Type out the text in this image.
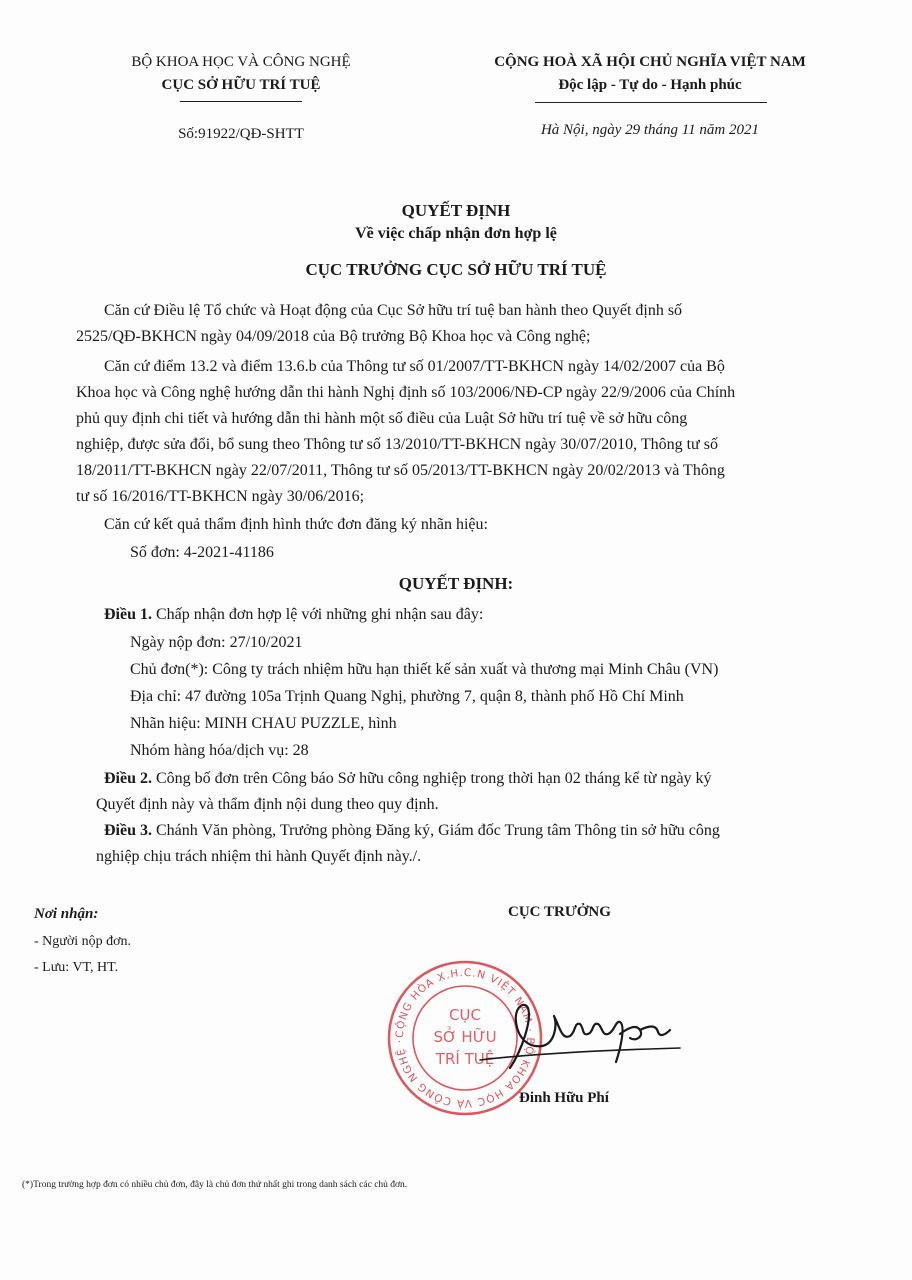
BỘ KHOA HỌC VÀ CÔNG NGHỆ
CỤC SỞ HỮU TRÍ TUỆ
Số:91922/QĐ-SHTT
CỘNG HOÀ XÃ HỘI CHỦ NGHĨA VIỆT NAM
Độc lập - Tự do - Hạnh phúc
Hà Nội, ngày 29 tháng 11 năm 2021
QUYẾT ĐỊNH
Về việc chấp nhận đơn hợp lệ
CỤC TRƯỞNG CỤC SỞ HỮU TRÍ TUỆ
Căn cứ Điều lệ Tổ chức và Hoạt động của Cục Sở hữu trí tuệ ban hành theo Quyết định số
2525/QĐ-BKHCN ngày 04/09/2018 của Bộ trưởng Bộ Khoa học và Công nghệ;
Căn cứ điểm 13.2 và điểm 13.6.b của Thông tư số 01/2007/TT-BKHCN ngày 14/02/2007 của Bộ
Khoa học và Công nghệ hướng dẫn thi hành Nghị định số 103/2006/NĐ-CP ngày 22/9/2006 của Chính
phủ quy định chi tiết và hướng dẫn thi hành một số điều của Luật Sở hữu trí tuệ về sở hữu công
nghiệp, được sửa đổi, bổ sung theo Thông tư số 13/2010/TT-BKHCN ngày 30/07/2010, Thông tư số
18/2011/TT-BKHCN ngày 22/07/2011, Thông tư số 05/2013/TT-BKHCN ngày 20/02/2013 và Thông
tư số 16/2016/TT-BKHCN ngày 30/06/2016;
Căn cứ kết quả thẩm định hình thức đơn đăng ký nhãn hiệu:
Số đơn: 4-2021-41186
QUYẾT ĐỊNH:
Điều 1. Chấp nhận đơn hợp lệ với những ghi nhận sau đây:
Ngày nộp đơn: 27/10/2021
Chủ đơn(*): Công ty trách nhiệm hữu hạn thiết kế sản xuất và thương mại Minh Châu (VN)
Địa chỉ: 47 đường 105a Trịnh Quang Nghị, phường 7, quận 8, thành phố Hồ Chí Minh
Nhãn hiệu: MINH CHAU PUZZLE, hình
Nhóm hàng hóa/dịch vụ: 28
Điều 2. Công bố đơn trên Công báo Sở hữu công nghiệp trong thời hạn 02 tháng kể từ ngày ký
Quyết định này và thẩm định nội dung theo quy định.
Điều 3. Chánh Văn phòng, Trưởng phòng Đăng ký, Giám đốc Trung tâm Thông tin sở hữu công
nghiệp chịu trách nhiệm thi hành Quyết định này./.
Nơi nhận:
- Người nộp đơn.
- Lưu: VT, HT.
CỤC TRƯỞNG
CỘNG HÒA X.H.C.N VIỆT NAM · BỘ KHOA HỌC VÀ CÔNG NGHỆ ·
CỤC
SỞ HỮU
TRÍ TUỆ
Đinh Hữu Phí
(*)Trong trường hợp đơn có nhiều chủ đơn, đây là chủ đơn thứ nhất ghi trong danh sách các chủ đơn.
